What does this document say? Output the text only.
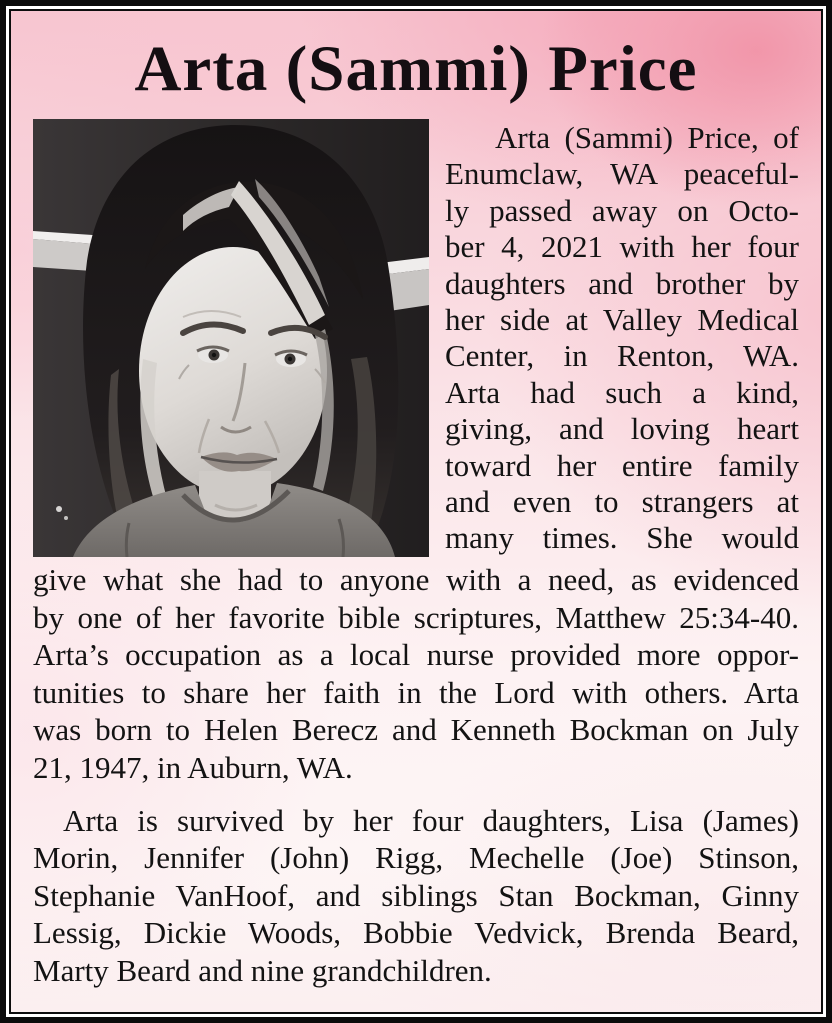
Arta (Sammi) Price
Arta (Sammi) Price, of
Enumclaw, WA peaceful-
ly passed away on Octo-
ber 4, 2021 with her four
daughters and brother by
her side at Valley Medical
Center, in Renton, WA.
Arta had such a kind,
giving, and loving heart
toward her entire family
and even to strangers at
many times. She would
give what she had to anyone with a need, as evidenced
by one of her favorite bible scriptures, Matthew 25:34-40.
Arta’s occupation as a local nurse provided more oppor-
tunities to share her faith in the Lord with others. Arta
was born to Helen Berecz and Kenneth Bockman on July
21, 1947, in Auburn, WA.
Arta is survived by her four daughters, Lisa (James)
Morin, Jennifer (John) Rigg, Mechelle (Joe) Stinson,
Stephanie VanHoof, and siblings Stan Bockman, Ginny
Lessig, Dickie Woods, Bobbie Vedvick, Brenda Beard,
Marty Beard and nine grandchildren.
